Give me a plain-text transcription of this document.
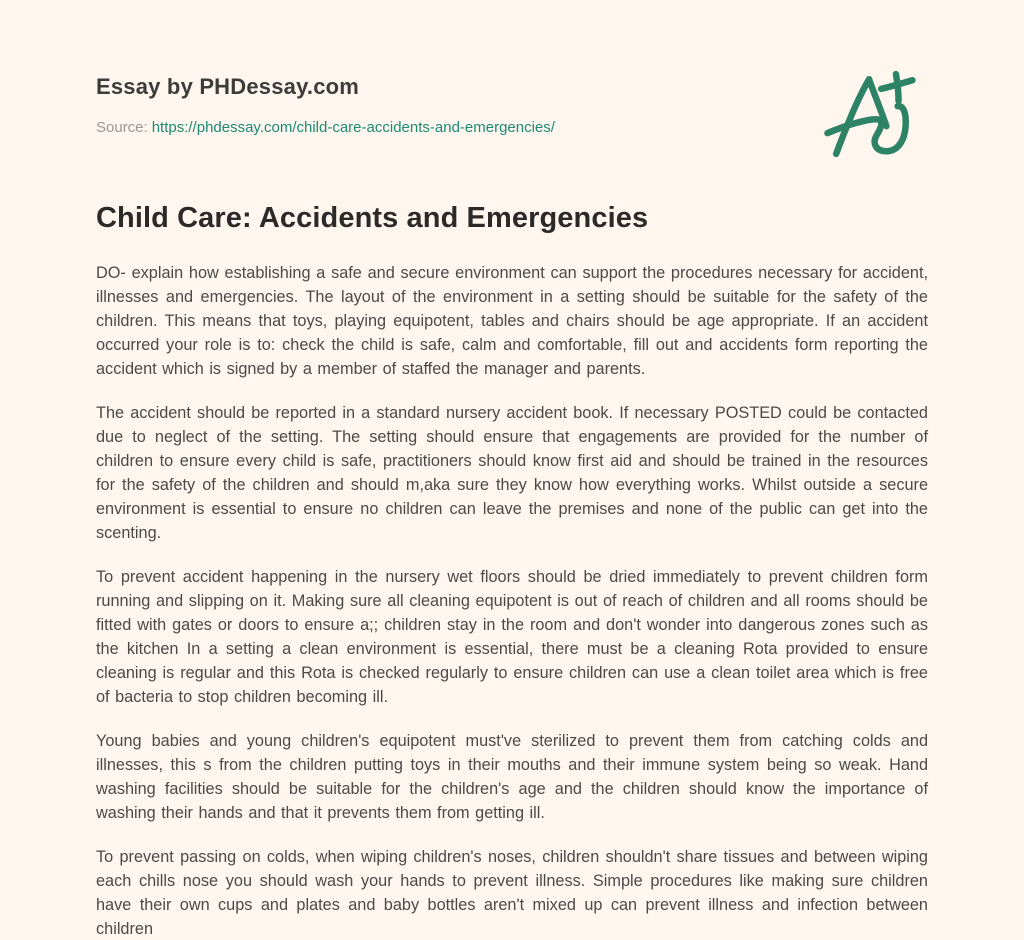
Essay by PHDessay.com
Source: https://phdessay.com/child-care-accidents-and-emergencies/
Child Care: Accidents and Emergencies

DO- explain how establishing a safe and secure environment can support the procedures necessary for accident, illnesses and emergencies. The layout of the environment in a setting should be suitable for the safety of the children. This means that toys, playing equipotent, tables and chairs should be age appropriate. If an accident occurred your role is to: check the child is safe, calm and comfortable, fill out and accidents form reporting the accident which is signed by a member of staffed the manager and parents.

The accident should be reported in a standard nursery accident book. If necessary POSTED could be contacted due to neglect of the setting. The setting should ensure that engagements are provided for the number of children to ensure every child is safe, practitioners should know first aid and should be trained in the resources for the safety of the children and should m,aka sure they know how everything works. Whilst outside a secure environment is essential to ensure no children can leave the premises and none of the public can get into the scenting.

To prevent accident happening in the nursery wet floors should be dried immediately to prevent children form running and slipping on it. Making sure all cleaning equipotent is out of reach of children and all rooms should be fitted with gates or doors to ensure a;; children stay in the room and don't wonder into dangerous zones such as the kitchen In a setting a clean environment is essential, there must be a cleaning Rota provided to ensure cleaning is regular and this Rota is checked regularly to ensure children can use a clean toilet area which is free of bacteria to stop children becoming ill.

Young babies and young children's equipotent must've sterilized to prevent them from catching colds and illnesses, this s from the children putting toys in their mouths and their immune system being so weak. Hand washing facilities should be suitable for the children's age and the children should know the importance of washing their hands and that it prevents them from getting ill.

To prevent passing on colds, when wiping children's noses, children shouldn't share tissues and between wiping each chills nose you should wash your hands to prevent illness. Simple procedures like making sure children have their own cups and plates and baby bottles aren't mixed up can prevent illness and infection between children
